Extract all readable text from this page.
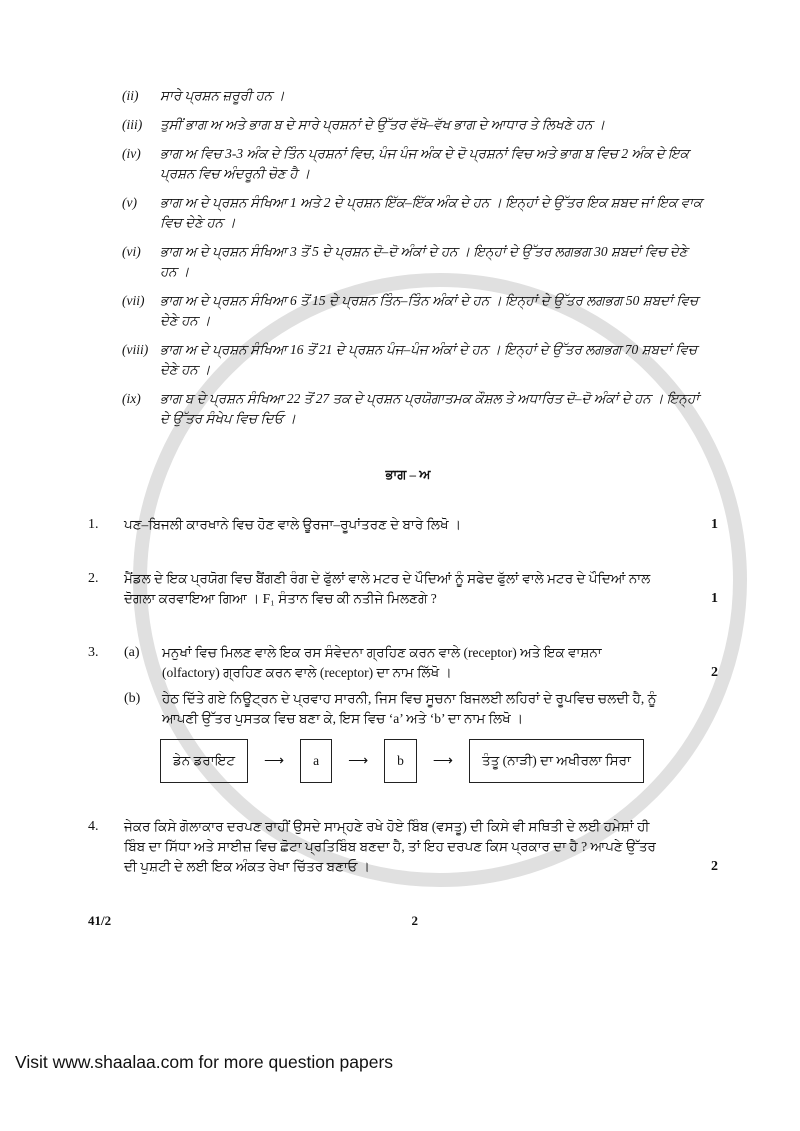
(ii)	ਸਾਰੇ ਪ੍ਰਸ਼ਨ ਜ਼ਰੂਰੀ ਹਨ ।
(iii)	ਤੁਸੀਂ ਭਾਗ ਅ ਅਤੇ ਭਾਗ ਬ ਦੇ ਸਾਰੇ ਪ੍ਰਸ਼ਨਾਂ ਦੇ ਉੱਤਰ ਵੱਖੋ–ਵੱਖ ਭਾਗ ਦੇ ਆਧਾਰ ਤੇ ਲਿਖਣੇ ਹਨ ।
(iv)	ਭਾਗ ਅ ਵਿਚ 3-3 ਅੰਕ ਦੇ ਤਿੰਨ ਪ੍ਰਸ਼ਨਾਂ ਵਿਚ, ਪੰਜ ਪੰਜ ਅੰਕ ਦੇ ਦੋ ਪ੍ਰਸ਼ਨਾਂ ਵਿਚ ਅਤੇ ਭਾਗ ਬ ਵਿਚ 2 ਅੰਕ ਦੇ ਇਕ
ਪ੍ਰਸ਼ਨ ਵਿਚ ਅੰਦਰੂਨੀ ਚੋਣ ਹੈ ।
(v)	ਭਾਗ ਅ ਦੇ ਪ੍ਰਸ਼ਨ ਸੰਖਿਆ 1 ਅਤੇ 2 ਦੇ ਪ੍ਰਸ਼ਨ ਇੱਕ–ਇੱਕ ਅੰਕ ਦੇ ਹਨ । ਇਨ੍ਹਾਂ ਦੇ ਉੱਤਰ ਇਕ ਸ਼ਬਦ ਜਾਂ ਇਕ ਵਾਕ
ਵਿਚ ਦੇਣੇ ਹਨ ।
(vi)	ਭਾਗ ਅ ਦੇ ਪ੍ਰਸ਼ਨ ਸੰਖਿਆ 3 ਤੋਂ 5 ਦੇ ਪ੍ਰਸ਼ਨ ਦੋ–ਦੋ ਅੰਕਾਂ ਦੇ ਹਨ । ਇਨ੍ਹਾਂ ਦੇ ਉੱਤਰ ਲਗਭਗ 30 ਸ਼ਬਦਾਂ ਵਿਚ ਦੇਣੇ
ਹਨ ।
(vii)	ਭਾਗ ਅ ਦੇ ਪ੍ਰਸ਼ਨ ਸੰਖਿਆ 6 ਤੋਂ 15 ਦੇ ਪ੍ਰਸ਼ਨ ਤਿੰਨ–ਤਿੰਨ ਅੰਕਾਂ ਦੇ ਹਨ । ਇਨ੍ਹਾਂ ਦੇ ਉੱਤਰ ਲਗਭਗ 50 ਸ਼ਬਦਾਂ ਵਿਚ
ਦੇਣੇ ਹਨ ।
(viii) ਭਾਗ ਅ ਦੇ ਪ੍ਰਸ਼ਨ ਸੰਖਿਆ 16 ਤੋਂ 21 ਦੇ ਪ੍ਰਸ਼ਨ ਪੰਜ–ਪੰਜ ਅੰਕਾਂ ਦੇ ਹਨ । ਇਨ੍ਹਾਂ ਦੇ ਉੱਤਰ ਲਗਭਗ 70 ਸ਼ਬਦਾਂ ਵਿਚ
ਦੇਣੇ ਹਨ ।
(ix)	ਭਾਗ ਬ ਦੇ ਪ੍ਰਸ਼ਨ ਸੰਖਿਆ 22 ਤੋਂ 27 ਤਕ ਦੇ ਪ੍ਰਸ਼ਨ ਪ੍ਰਯੋਗਾਤਮਕ ਕੌਸ਼ਲ ਤੇ ਅਧਾਰਿਤ ਦੋ–ਦੋ ਅੰਕਾਂ ਦੇ ਹਨ । ਇਨ੍ਹਾਂ
ਦੇ ਉੱਤਰ ਸੰਖੇਪ ਵਿਚ ਦਿਓ ।
ਭਾਗ – ਅ
1.	ਪਣ–ਬਿਜਲੀ ਕਾਰਖਾਨੇ ਵਿਚ ਹੋਣ ਵਾਲੇ ਊਰਜਾ–ਰੂਪਾਂਤਰਣ ਦੇ ਬਾਰੇ ਲਿਖੋ ।	1
2.	ਮੈਂਡਲ ਦੇ ਇਕ ਪ੍ਰਯੋਗ ਵਿਚ ਬੈਂਗਣੀ ਰੰਗ ਦੇ ਫੁੱਲਾਂ ਵਾਲੇ ਮਟਰ ਦੇ ਪੌਦਿਆਂ ਨੂੰ ਸਫੇਦ ਫੁੱਲਾਂ ਵਾਲੇ ਮਟਰ ਦੇ ਪੌਦਿਆਂ ਨਾਲ
ਦੋਗਲਾ ਕਰਵਾਇਆ ਗਿਆ । F₁ ਸੰਤਾਨ ਵਿਚ ਕੀ ਨਤੀਜੇ ਮਿਲਣਗੇ ?	1
3.	(a)	ਮਨੁਖਾਂ ਵਿਚ ਮਿਲਣ ਵਾਲੇ ਇਕ ਰਸ ਸੰਵੇਦਨਾ ਗ੍ਰਹਿਣ ਕਰਨ ਵਾਲੇ (receptor) ਅਤੇ ਇਕ ਵਾਸ਼ਨਾ
(olfactory) ਗ੍ਰਹਿਣ ਕਰਨ ਵਾਲੇ (receptor) ਦਾ ਨਾਮ ਲਿੱਖੋ ।	2
(b)	ਹੇਠ ਦਿੱਤੇ ਗਏ ਨਿਊਟ੍ਰਨ ਦੇ ਪ੍ਰਵਾਹ ਸਾਰਨੀ, ਜਿਸ ਵਿਚ ਸੂਚਨਾ ਬਿਜਲਈ ਲਹਿਰਾਂ ਦੇ ਰੂਪਵਿਚ ਚਲਦੀ ਹੈ, ਨੂੰ
ਆਪਣੀ ਉੱਤਰ ਪੁਸਤਕ ਵਿਚ ਬਣਾ ਕੇ, ਇਸ ਵਿਚ ‘a’ ਅਤੇ ‘b’ ਦਾ ਨਾਮ ਲਿਖੋ ।
ਡੇਨ ਡਰਾਇਟ	⟶	a	⟶	b	⟶	ਤੰਤੂ (ਨਾੜੀ) ਦਾ ਅਖੀਰਲਾ ਸਿਰਾ
4.	ਜੇਕਰ ਕਿਸੇ ਗੋਲਾਕਾਰ ਦਰਪਣ ਰਾਹੀਂ ਉਸਦੇ ਸਾਮ੍ਹਣੇ ਰਖੇ ਹੋਏ ਬਿੰਬ (ਵਸਤੂ) ਦੀ ਕਿਸੇ ਵੀ ਸਥਿਤੀ ਦੇ ਲਈ ਹਮੇਸ਼ਾਂ ਹੀ
ਬਿੰਬ ਦਾ ਸਿੱਧਾ ਅਤੇ ਸਾਈਜ਼ ਵਿਚ ਛੋਟਾ ਪ੍ਰਤਿਬਿੰਬ ਬਣਦਾ ਹੈ, ਤਾਂ ਇਹ ਦਰਪਣ ਕਿਸ ਪ੍ਰਕਾਰ ਦਾ ਹੈ ? ਆਪਣੇ ਉੱਤਰ
ਦੀ ਪੁਸ਼ਟੀ ਦੇ ਲਈ ਇਕ ਅੰਕਤ ਰੇਖਾ ਚਿੱਤਰ ਬਣਾਓ ।	2
41/2	2
Visit www.shaalaa.com for more question papers
